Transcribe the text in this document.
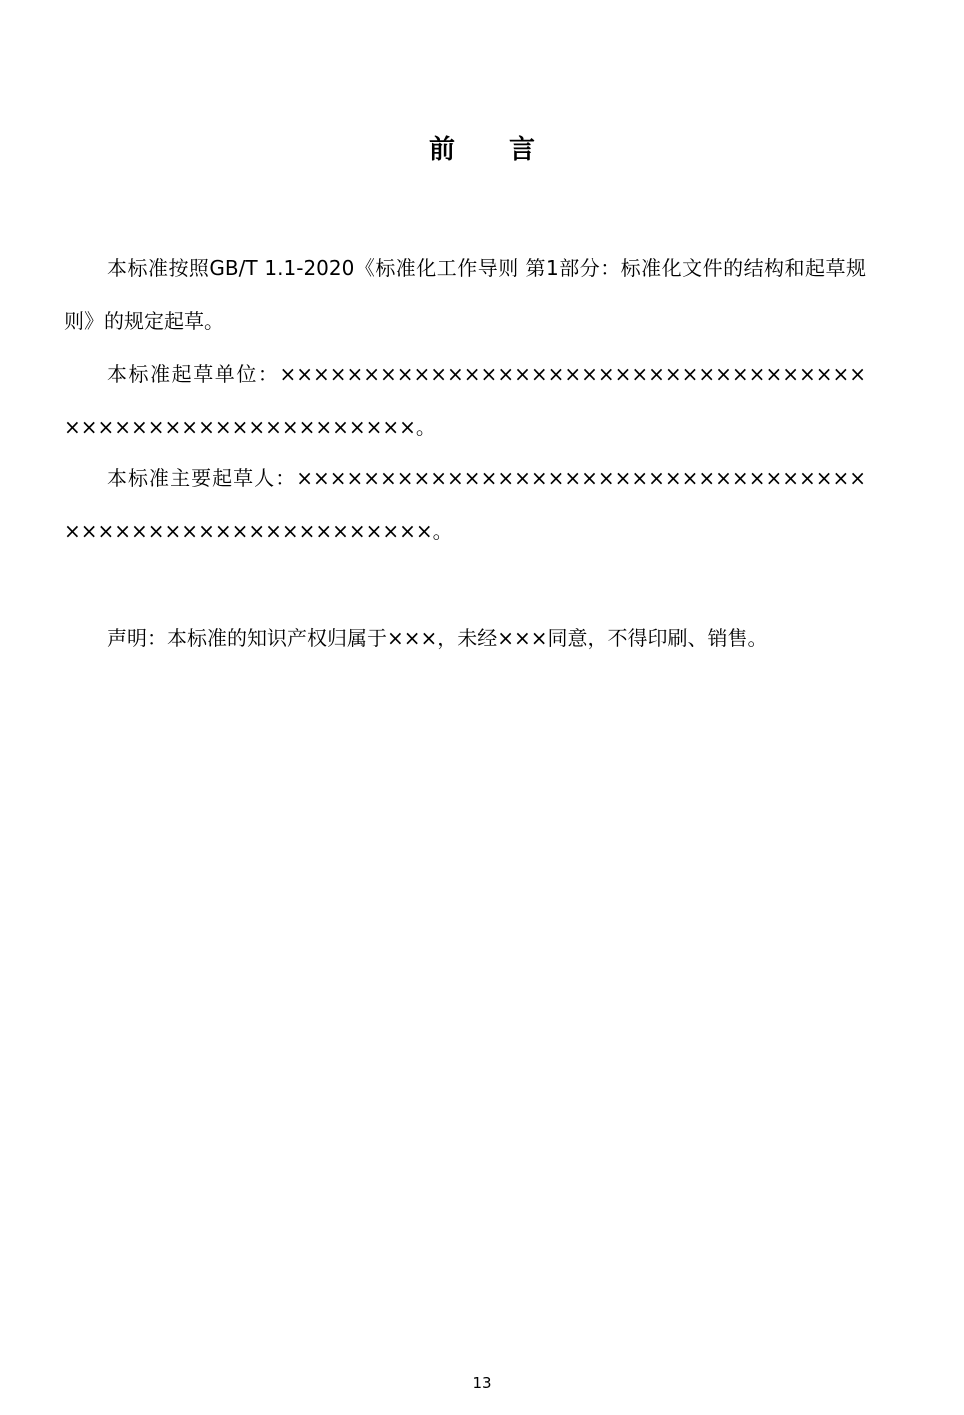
前 言

本标准按照GB/T 1.1-2020《标准化工作导则 第1部分：标准化文件的结构和起草规则》的规定起草。

本标准起草单位：××××××××××××××××××××××××××××××××××××××××××××××××××××××××。

本标准主要起草人：××××××××××××××××××××××××××××××××××××××××××××××××××××××××。

声明：本标准的知识产权归属于×××，未经×××同意，不得印刷、销售。

13
